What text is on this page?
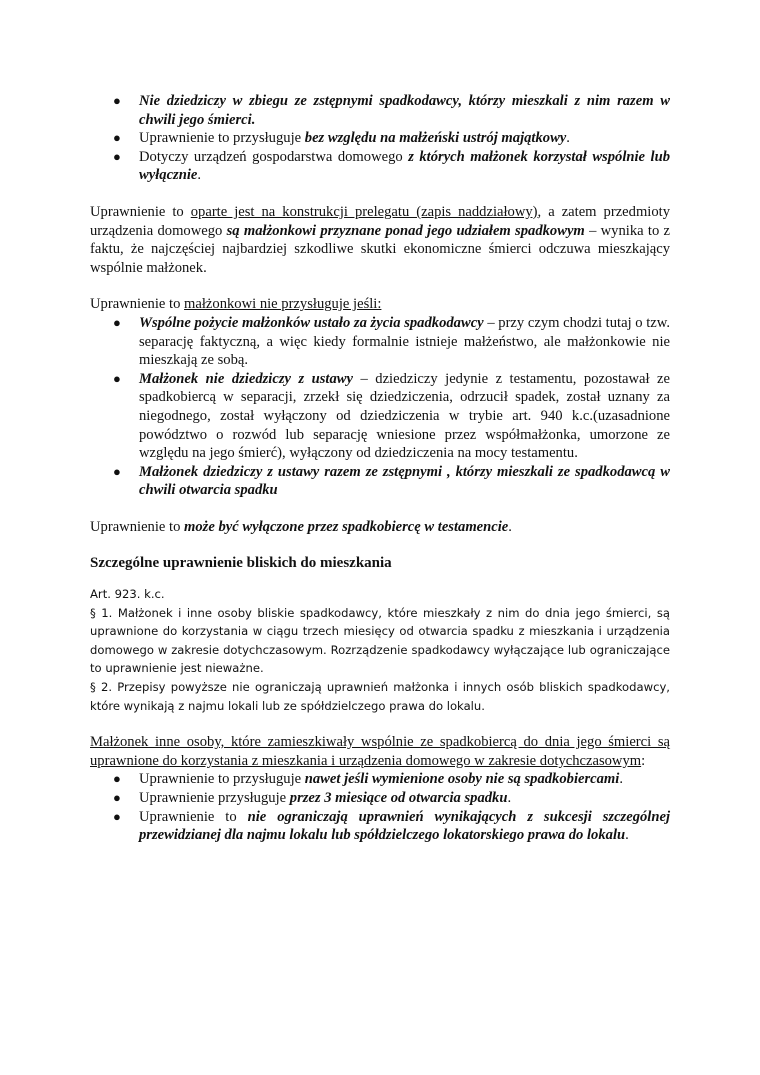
● Nie dziedziczy w zbiegu ze zstępnymi spadkodawcy, którzy mieszkali z nim razem w chwili jego śmierci.
● Uprawnienie to przysługuje bez względu na małżeński ustrój majątkowy.
● Dotyczy urządzeń gospodarstwa domowego z których małżonek korzystał wspólnie lub wyłącznie.

Uprawnienie to oparte jest na konstrukcji prelegatu (zapis naddziałowy), a zatem przedmioty urządzenia domowego są małżonkowi przyznane ponad jego udziałem spadkowym – wynika to z faktu, że najczęściej najbardziej szkodliwe skutki ekonomiczne śmierci odczuwa mieszkający wspólnie małżonek.

Uprawnienie to małżonkowi nie przysługuje jeśli:

● Wspólne pożycie małżonków ustało za życia spadkodawcy – przy czym chodzi tutaj o tzw. separację faktyczną, a więc kiedy formalnie istnieje małżeństwo, ale małżonkowie nie mieszkają ze sobą.
● Małżonek nie dziedziczy z ustawy – dziedziczy jedynie z testamentu, pozostawał ze spadkobiercą w separacji, zrzekł się dziedziczenia, odrzucił spadek, został uznany za niegodnego, został wyłączony od dziedziczenia w trybie art. 940 k.c.(uzasadnione powództwo o rozwód lub separację wniesione przez współmałżonka, umorzone ze względu na jego śmierć), wyłączony od dziedziczenia na mocy testamentu.
● Małżonek dziedziczy z ustawy razem ze zstępnymi , którzy mieszkali ze spadkodawcą w chwili otwarcia spadku

Uprawnienie to może być wyłączone przez spadkobiercę w testamencie.

Szczególne uprawnienie bliskich do mieszkania

Art. 923. k.c.

§ 1. Małżonek i inne osoby bliskie spadkodawcy, które mieszkały z nim do dnia jego śmierci, są uprawnione do korzystania w ciągu trzech miesięcy od otwarcia spadku z mieszkania i urządzenia domowego w zakresie dotychczasowym. Rozrządzenie spadkodawcy wyłączające lub ograniczające to uprawnienie jest nieważne.

§ 2. Przepisy powyższe nie ograniczają uprawnień małżonka i innych osób bliskich spadkodawcy, które wynikają z najmu lokali lub ze spółdzielczego prawa do lokalu.

Małżonek inne osoby, które zamieszkiwały wspólnie ze spadkobiercą do dnia jego śmierci są uprawnione do korzystania z mieszkania i urządzenia domowego w zakresie dotychczasowym:

● Uprawnienie to przysługuje nawet jeśli wymienione osoby nie są spadkobiercami.
● Uprawnienie przysługuje przez 3 miesiące od otwarcia spadku.
● Uprawnienie to nie ograniczają uprawnień wynikających z sukcesji szczególnej przewidzianej dla najmu lokalu lub spółdzielczego lokatorskiego prawa do lokalu.
